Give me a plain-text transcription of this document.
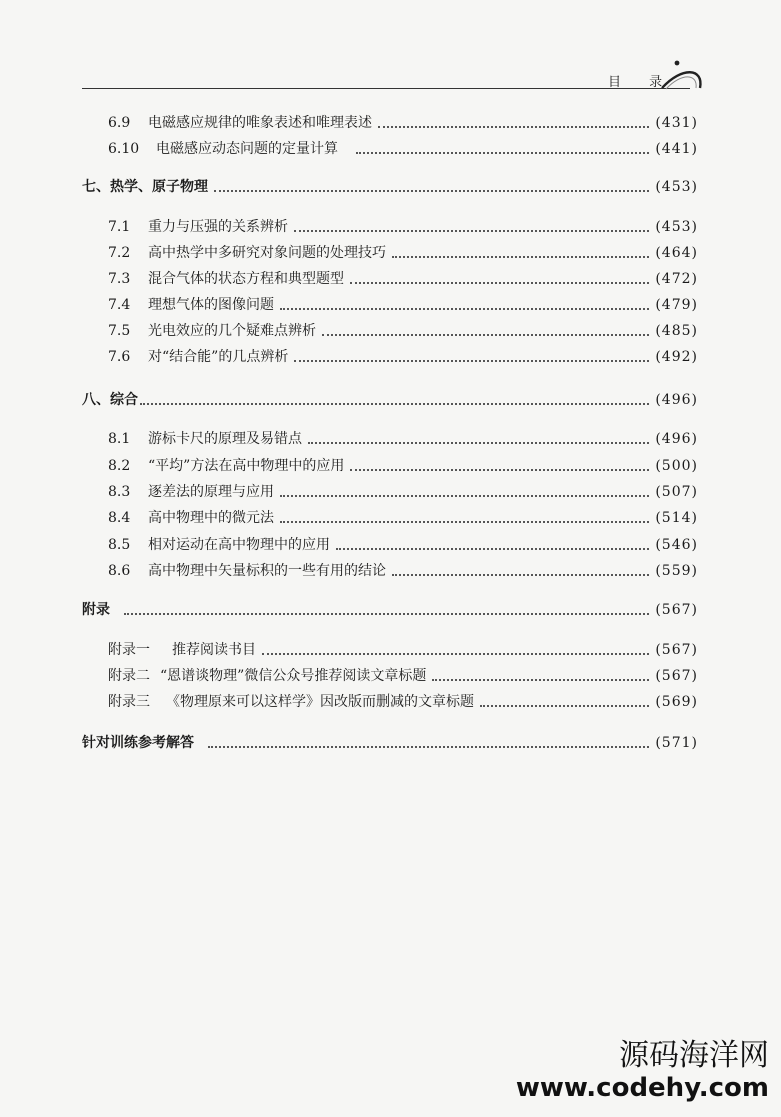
目 录
6.9	电磁感应规律的唯象表述和唯理表述	(431)
6.10	电磁感应动态问题的定量计算	(441)
七、热学、原子物理	(453)
7.1	重力与压强的关系辨析	(453)
7.2	高中热学中多研究对象问题的处理技巧	(464)
7.3	混合气体的状态方程和典型题型	(472)
7.4	理想气体的图像问题	(479)
7.5	光电效应的几个疑难点辨析	(485)
7.6	对“结合能”的几点辨析	(492)
八、综合	(496)
8.1	游标卡尺的原理及易错点	(496)
8.2	“平均”方法在高中物理中的应用	(500)
8.3	逐差法的原理与应用	(507)
8.4	高中物理中的微元法	(514)
8.5	相对运动在高中物理中的应用	(546)
8.6	高中物理中矢量标积的一些有用的结论	(559)
附录	(567)
附录一	推荐阅读书目	(567)
附录二 “恩谱谈物理”微信公众号推荐阅读文章标题	(567)
附录三	《物理原来可以这样学》因改版而删减的文章标题	(569)
针对训练参考解答	(571)
源码海洋网
www.codehy.com
